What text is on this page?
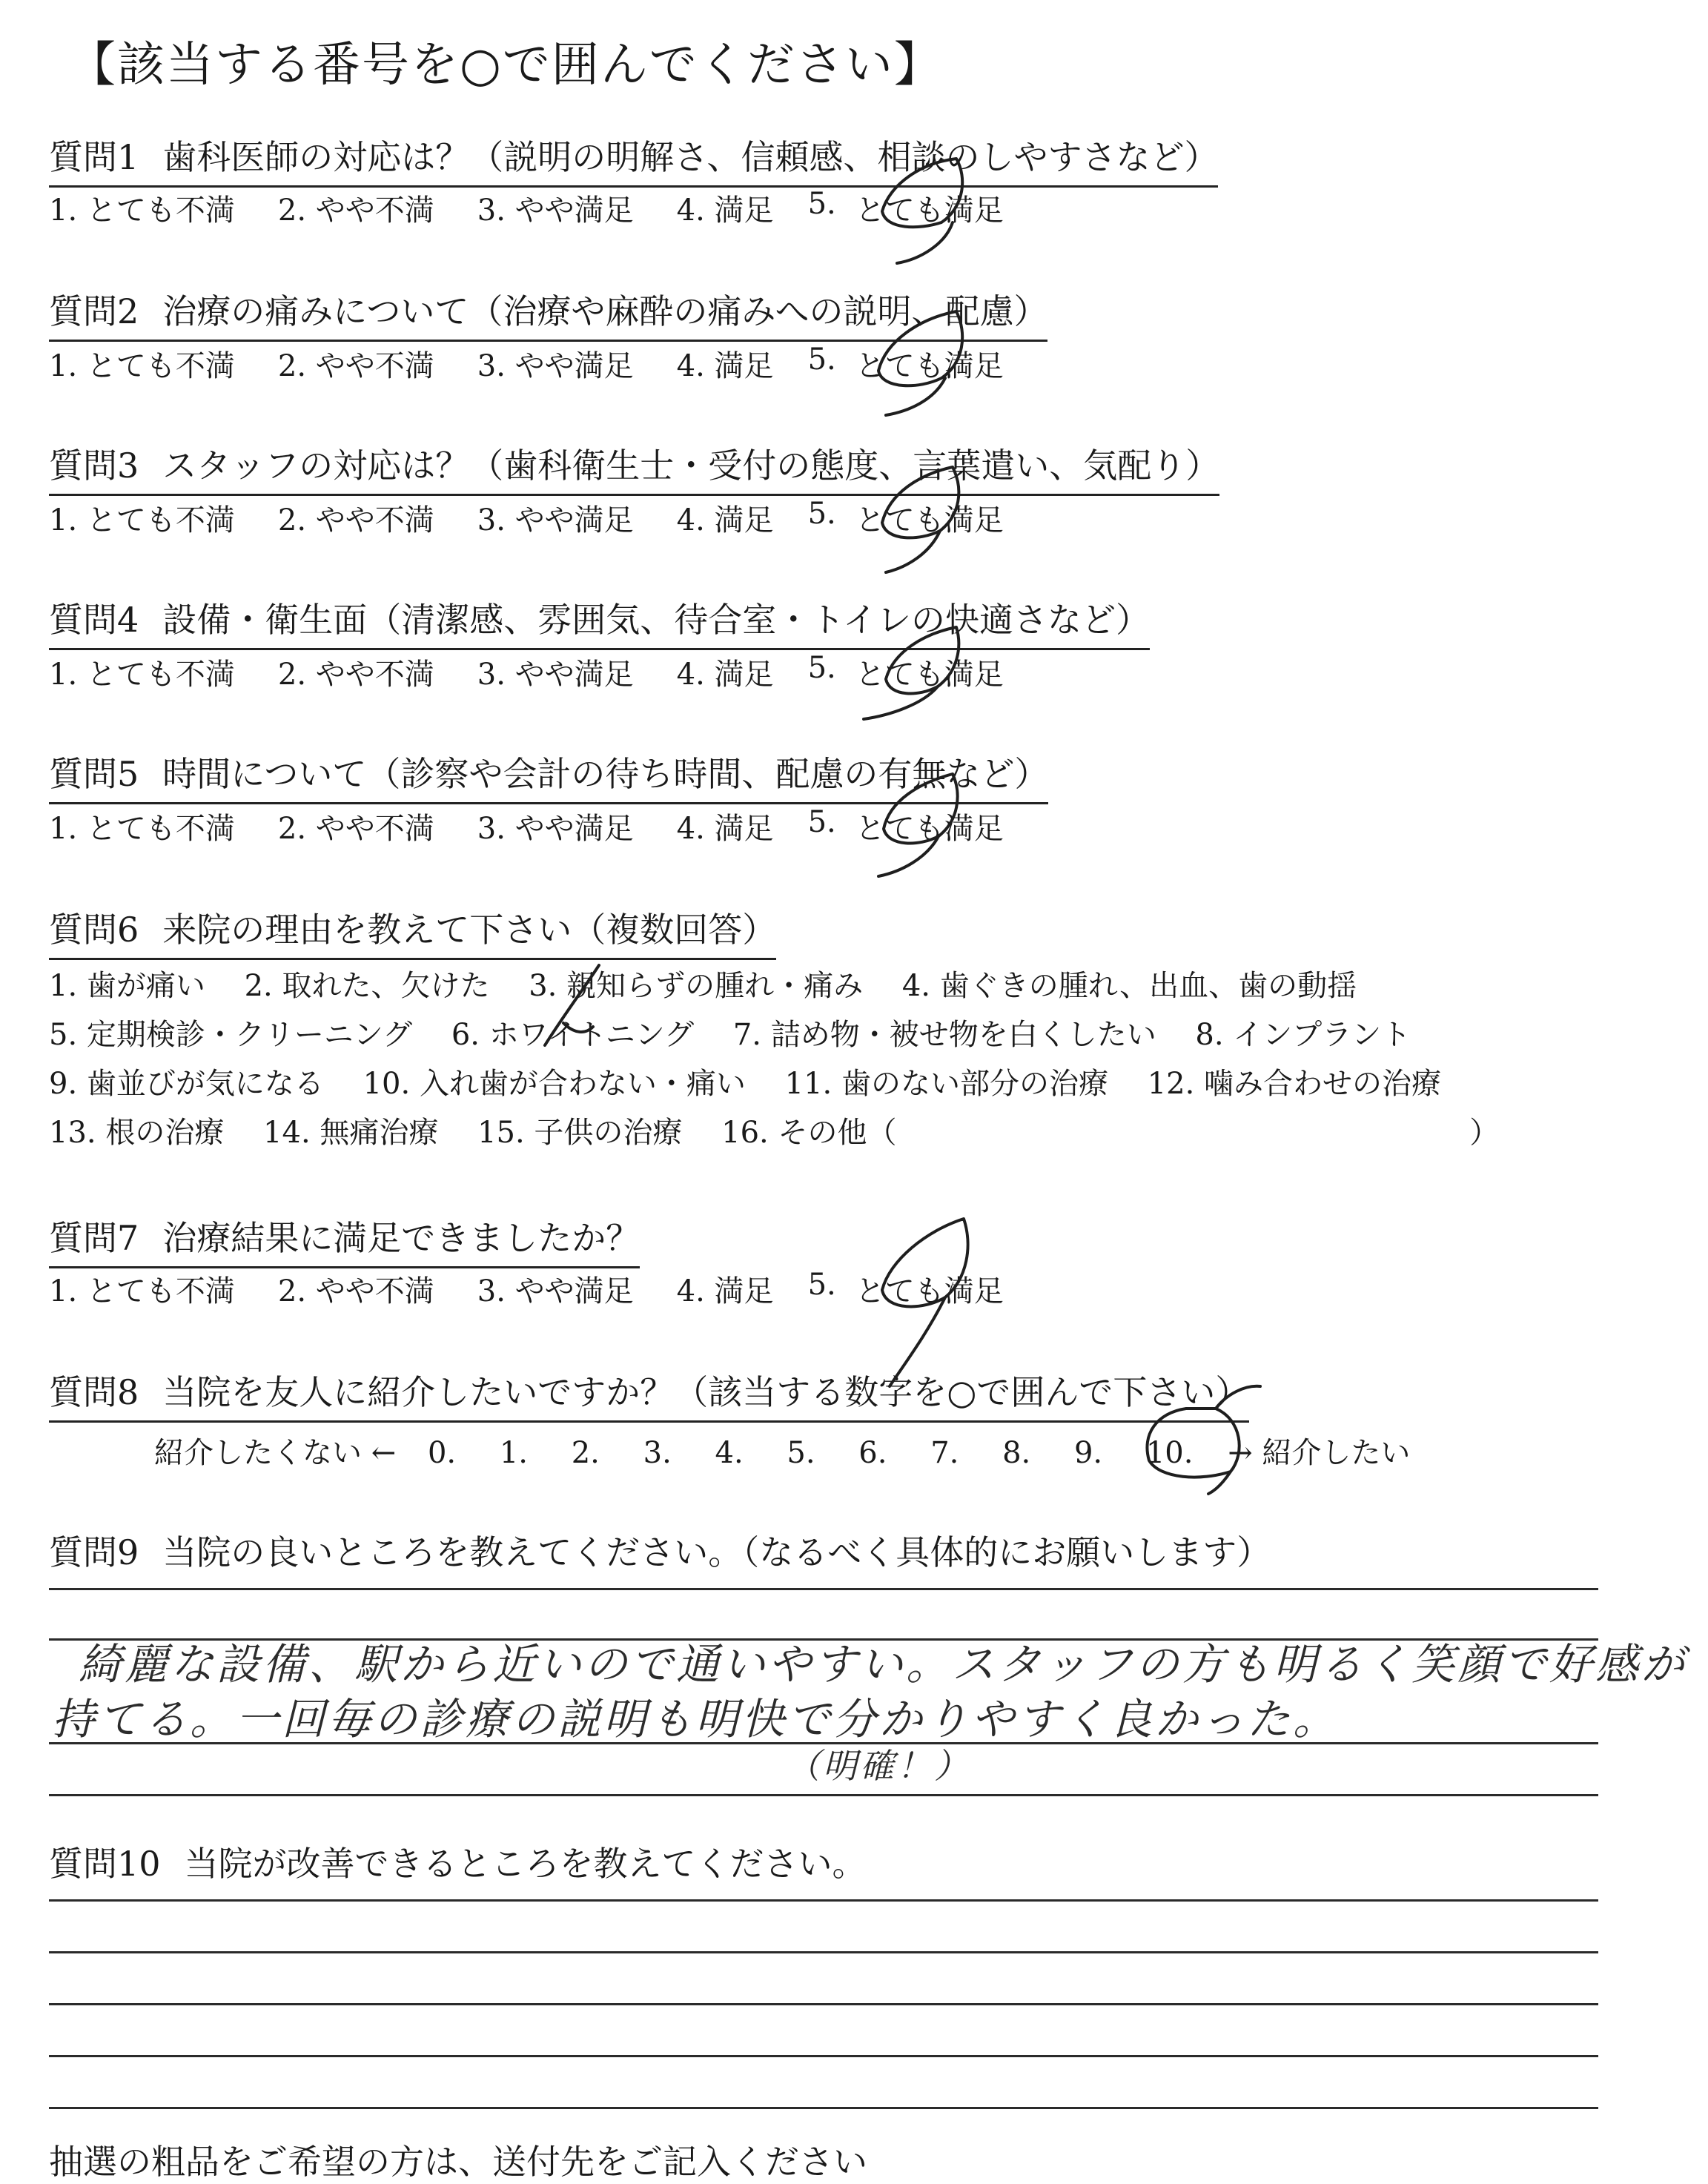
【該当する番号を○で囲んでください】
質問1 歯科医師の対応は？（説明の明解さ、信頼感、相談のしやすさなど）
1. とても不満 2. やや不満 3. やや満足 4. 満足 5. とても満足
質問2 治療の痛みについて（治療や麻酔の痛みへの説明、配慮）
1. とても不満 2. やや不満 3. やや満足 4. 満足 5. とても満足
質問3 スタッフの対応は？（歯科衛生士・受付の態度、言葉遣い、気配り）
1. とても不満 2. やや不満 3. やや満足 4. 満足 5. とても満足
質問4 設備・衛生面（清潔感、雰囲気、待合室・トイレの快適さなど）
1. とても不満 2. やや不満 3. やや満足 4. 満足 5. とても満足
質問5 時間について（診察や会計の待ち時間、配慮の有無など）
1. とても不満 2. やや不満 3. やや満足 4. 満足 5. とても満足
質問6 来院の理由を教えて下さい（複数回答）
1. 歯が痛い 2. 取れた、欠けた 3. 親知らずの腫れ・痛み 4. 歯ぐきの腫れ、出血、歯の動揺
5. 定期検診・クリーニング 6. ホワイトニング 7. 詰め物・被せ物を白くしたい 8. インプラント
9. 歯並びが気になる 10. 入れ歯が合わない・痛い 11. 歯のない部分の治療 12. 噛み合わせの治療
13. 根の治療 14. 無痛治療 15. 子供の治療 16. その他（	）
質問7 治療結果に満足できましたか？
1. とても不満 2. やや不満 3. やや満足 4. 満足 5. とても満足
質問8 当院を友人に紹介したいですか？（該当する数字を○で囲んで下さい）
紹介したくない ← 0. 1. 2. 3. 4. 5. 6. 7. 8. 9. 10. → 紹介したい
質問9 当院の良いところを教えてください。（なるべく具体的にお願いします）
綺麗な設備、駅から近いので通いやすい。スタッフの方も明るく笑顔で好感が
持てる。一回毎の診療の説明も明快で分かりやすく良かった。
（明確！）
質問10 当院が改善できるところを教えてください。
抽選の粗品をご希望の方は、送付先をご記入ください
